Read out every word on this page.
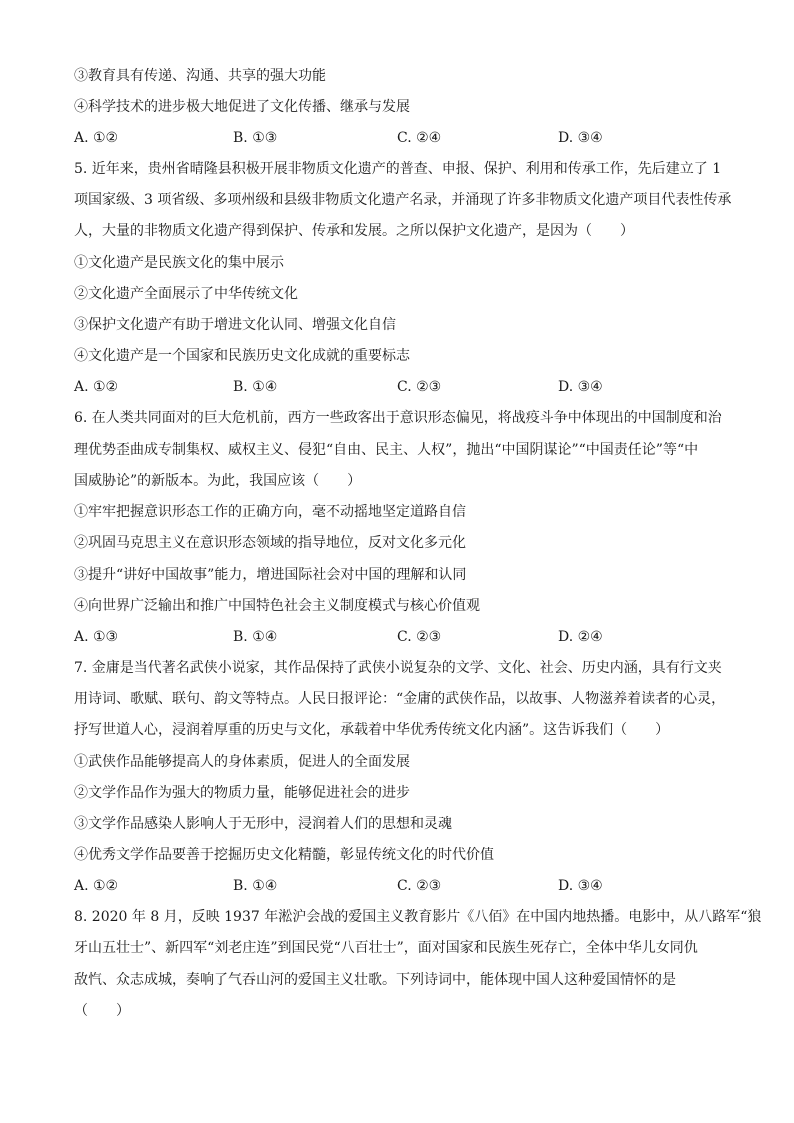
③教育具有传递、沟通、共享的强大功能
④科学技术的进步极大地促进了文化传播、继承与发展
A. ①②	B. ①③	C. ②④	D. ③④
5. 近年来，贵州省晴隆县积极开展非物质文化遗产的普查、申报、保护、利用和传承工作，先后建立了 1
项国家级、3 项省级、多项州级和县级非物质文化遗产名录，并涌现了许多非物质文化遗产项目代表性传承
人，大量的非物质文化遗产得到保护、传承和发展。之所以保护文化遗产，是因为（　　）
①文化遗产是民族文化的集中展示
②文化遗产全面展示了中华传统文化
③保护文化遗产有助于增进文化认同、增强文化自信
④文化遗产是一个国家和民族历史文化成就的重要标志
A. ①②	B. ①④	C. ②③	D. ③④
6. 在人类共同面对的巨大危机前，西方一些政客出于意识形态偏见，将战疫斗争中体现出的中国制度和治
理优势歪曲成专制集权、威权主义、侵犯“自由、民主、人权”，抛出“中国阴谋论”“中国责任论”等“中
国威胁论”的新版本。为此，我国应该（　　）
①牢牢把握意识形态工作的正确方向，毫不动摇地坚定道路自信
②巩固马克思主义在意识形态领域的指导地位，反对文化多元化
③提升“讲好中国故事”能力，增进国际社会对中国的理解和认同
④向世界广泛输出和推广中国特色社会主义制度模式与核心价值观
A. ①③	B. ①④	C. ②③	D. ②④
7. 金庸是当代著名武侠小说家，其作品保持了武侠小说复杂的文学、文化、社会、历史内涵，具有行文夹
用诗词、歌赋、联句、韵文等特点。人民日报评论：“金庸的武侠作品，以故事、人物滋养着读者的心灵，
抒写世道人心，浸润着厚重的历史与文化，承载着中华优秀传统文化内涵”。这告诉我们（　　）
①武侠作品能够提高人的身体素质，促进人的全面发展
②文学作品作为强大的物质力量，能够促进社会的进步
③文学作品感染人影响人于无形中，浸润着人们的思想和灵魂
④优秀文学作品要善于挖掘历史文化精髓，彰显传统文化的时代价值
A. ①②	B. ①④	C. ②③	D. ③④
8. 2020 年 8 月，反映 1937 年淞沪会战的爱国主义教育影片《八佰》在中国内地热播。电影中，从八路军“狼
牙山五壮士”、新四军“刘老庄连”到国民党“八百壮士”，面对国家和民族生死存亡，全体中华儿女同仇
敌忾、众志成城，奏响了气吞山河的爱国主义壮歌。下列诗词中，能体现中国人这种爱国情怀的是
（　　）
